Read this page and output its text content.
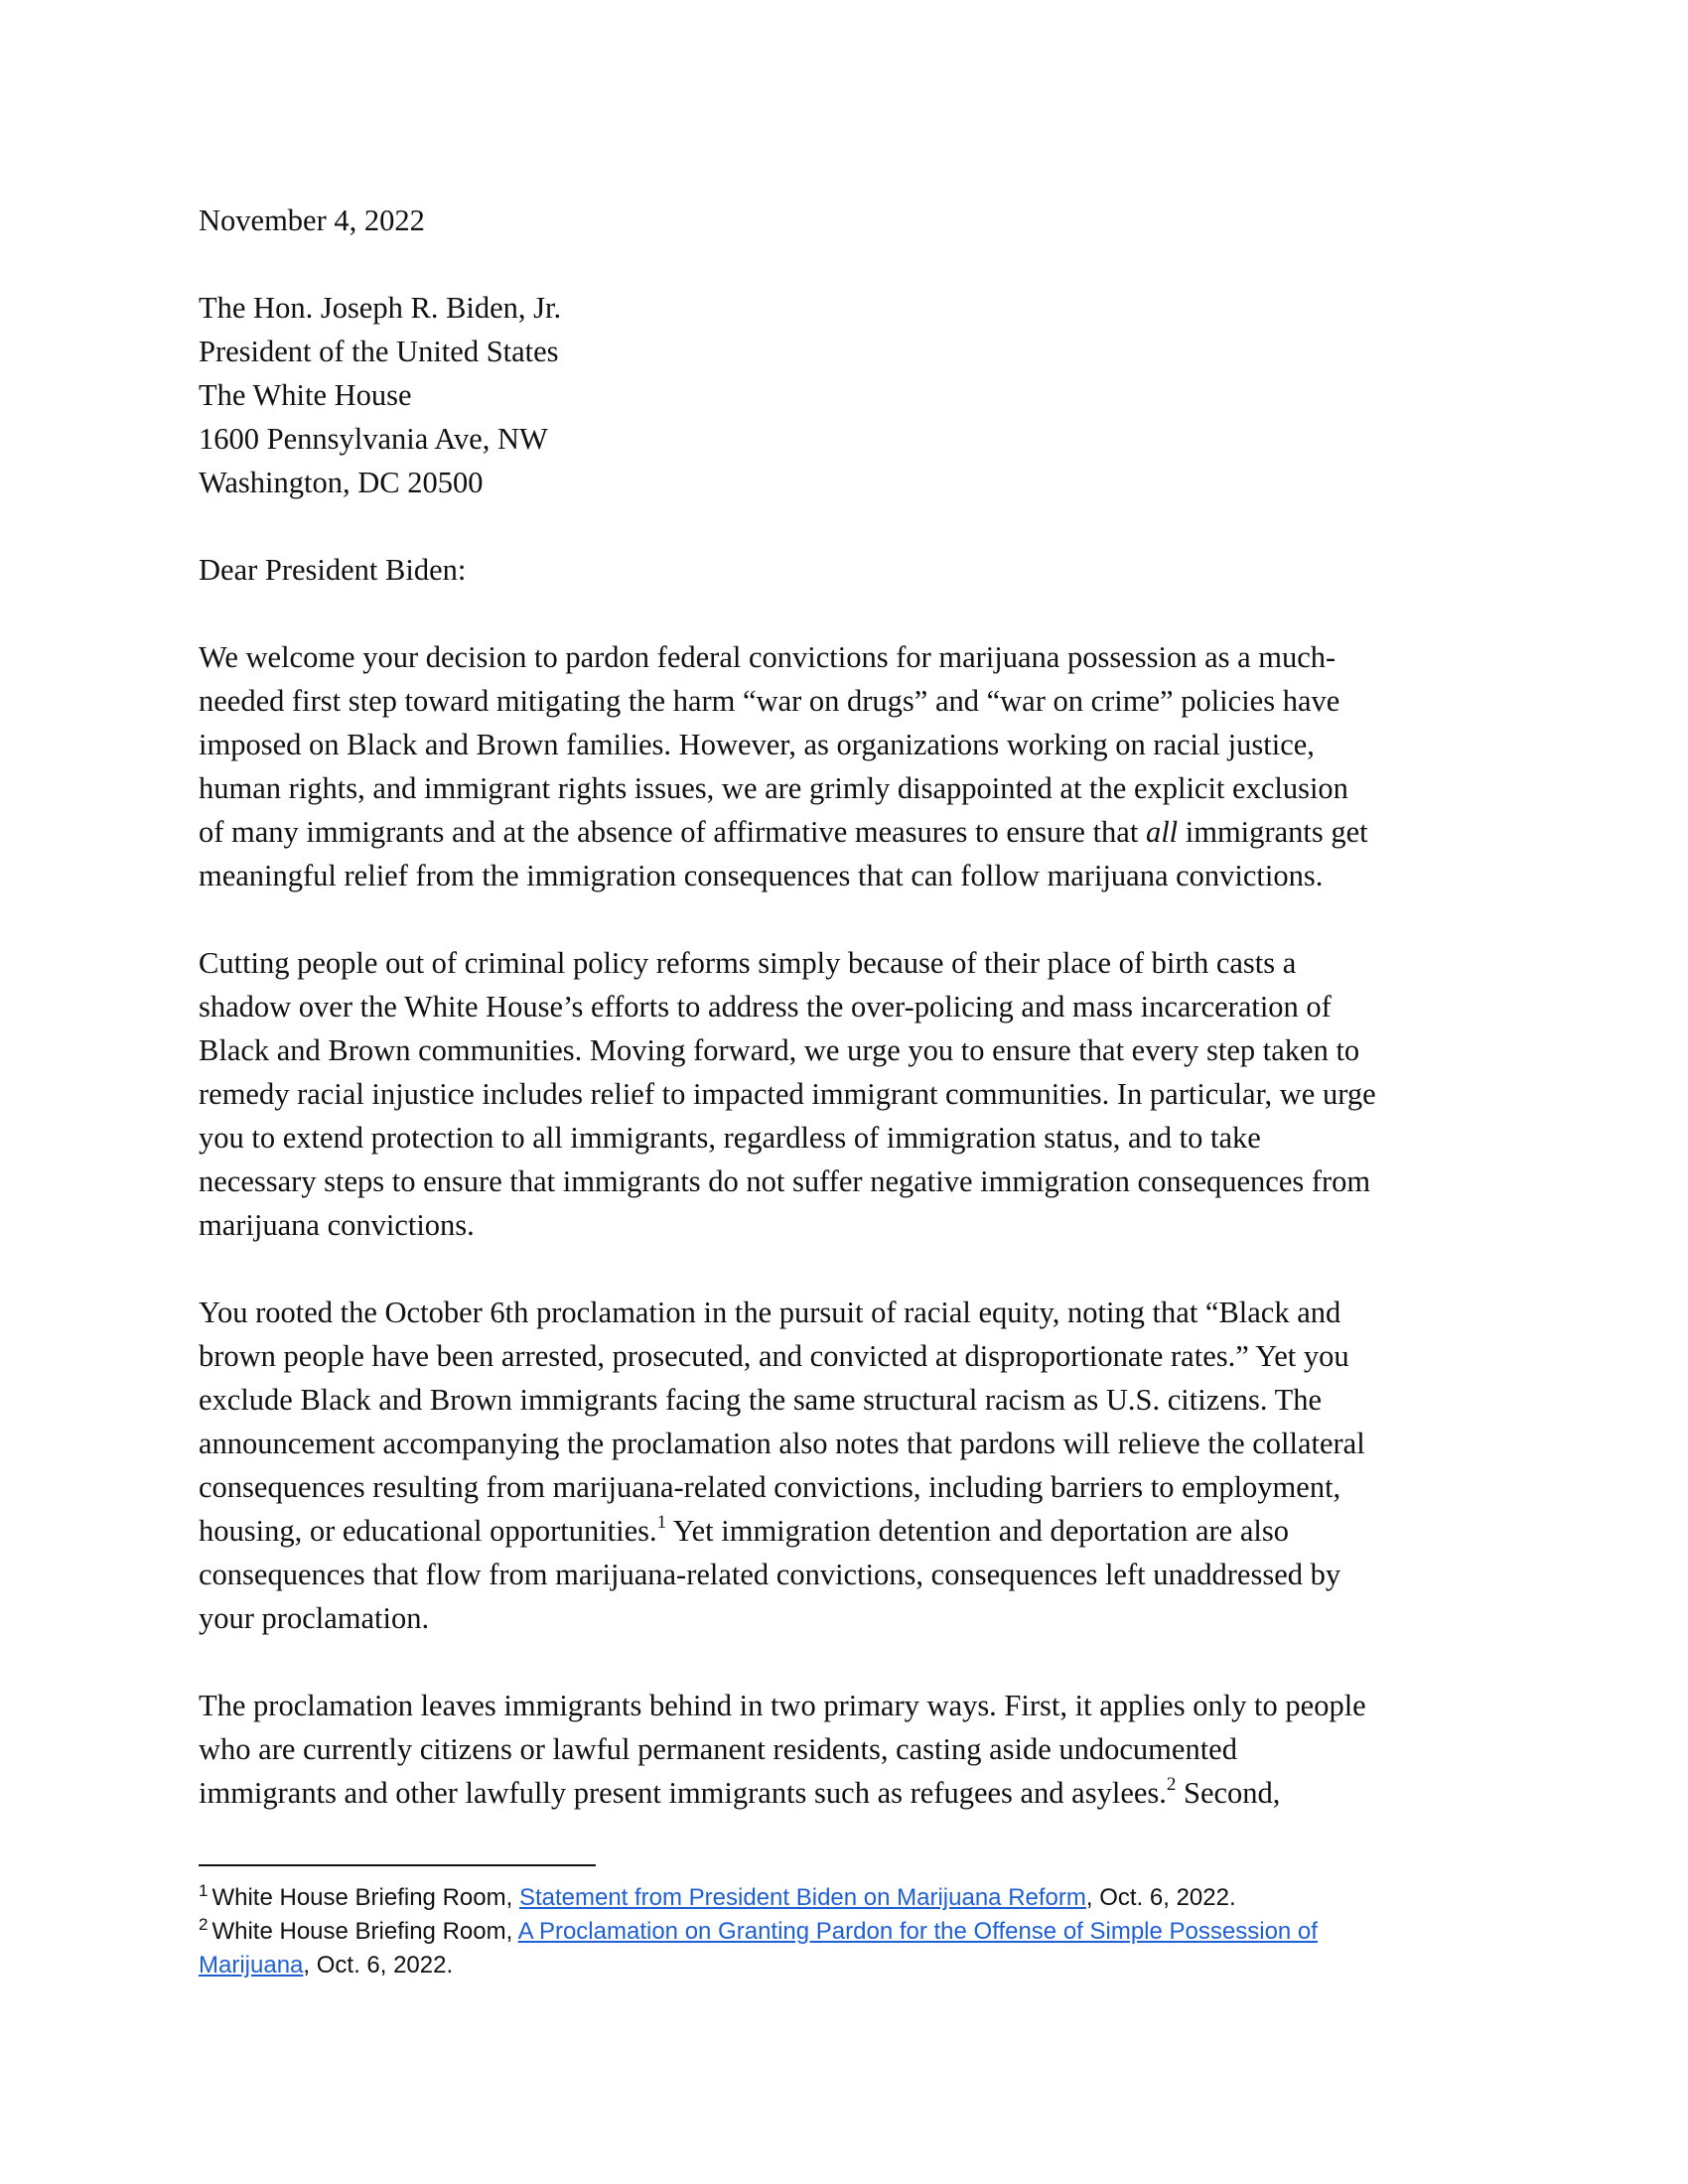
November 4, 2022
The Hon. Joseph R. Biden, Jr.
President of the United States
The White House
1600 Pennsylvania Ave, NW
Washington, DC 20500
Dear President Biden:
We welcome your decision to pardon federal convictions for marijuana possession as a much-
needed first step toward mitigating the harm “war on drugs” and “war on crime” policies have
imposed on Black and Brown families. However, as organizations working on racial justice,
human rights, and immigrant rights issues, we are grimly disappointed at the explicit exclusion
of many immigrants and at the absence of affirmative measures to ensure that all immigrants get
meaningful relief from the immigration consequences that can follow marijuana convictions.
Cutting people out of criminal policy reforms simply because of their place of birth casts a
shadow over the White House’s efforts to address the over-policing and mass incarceration of
Black and Brown communities. Moving forward, we urge you to ensure that every step taken to
remedy racial injustice includes relief to impacted immigrant communities. In particular, we urge
you to extend protection to all immigrants, regardless of immigration status, and to take
necessary steps to ensure that immigrants do not suffer negative immigration consequences from
marijuana convictions.
You rooted the October 6th proclamation in the pursuit of racial equity, noting that “Black and
brown people have been arrested, prosecuted, and convicted at disproportionate rates.” Yet you
exclude Black and Brown immigrants facing the same structural racism as U.S. citizens. The
announcement accompanying the proclamation also notes that pardons will relieve the collateral
consequences resulting from marijuana-related convictions, including barriers to employment,
housing, or educational opportunities.$^1$ Yet immigration detention and deportation are also
consequences that flow from marijuana-related convictions, consequences left unaddressed by
your proclamation.
The proclamation leaves immigrants behind in two primary ways. First, it applies only to people
who are currently citizens or lawful permanent residents, casting aside undocumented
immigrants and other lawfully present immigrants such as refugees and asylees.$^2$ Second,
$^1$ White House Briefing Room, Statement from President Biden on Marijuana Reform, Oct. 6, 2022.
$^2$ White House Briefing Room, A Proclamation on Granting Pardon for the Offense of Simple Possession of
Marijuana, Oct. 6, 2022.
